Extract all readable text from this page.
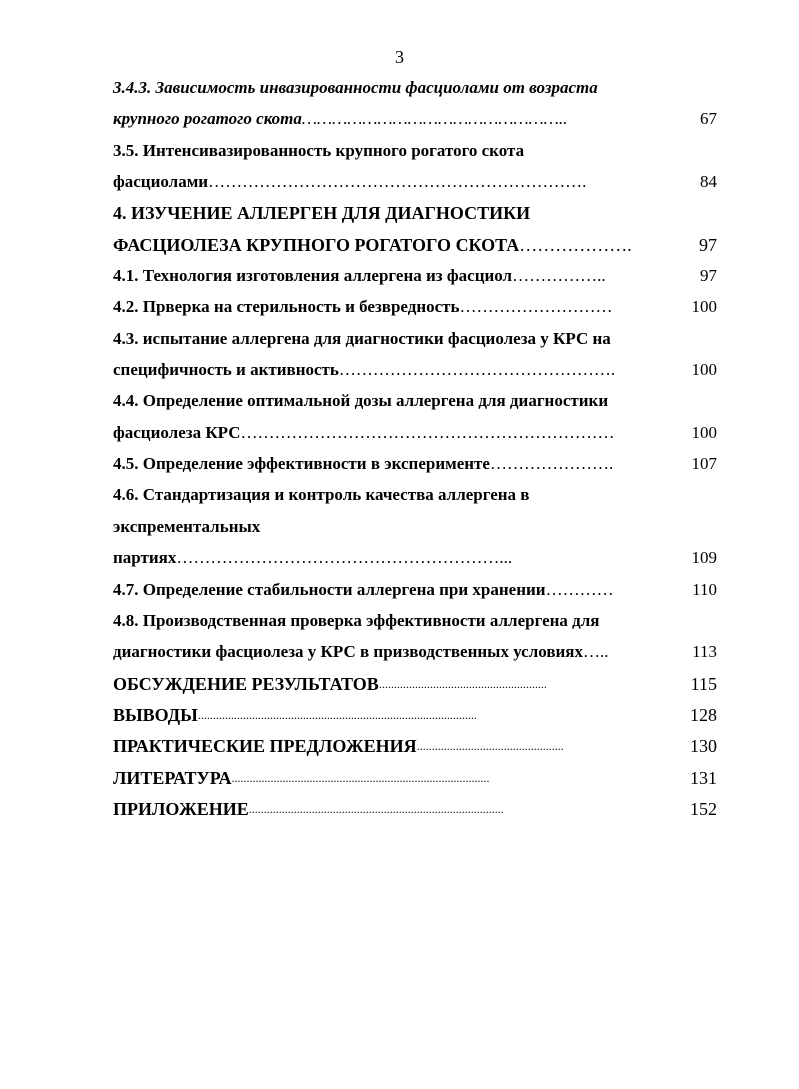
3
3.4.3. Зависимость инвазированности фасциолами от возраста
крупного рогатого скота……………………………………………..	67
3.5. Интенсивазированность крупного рогатого скота
фасциолами………………………………………………………….	84
4. ИЗУЧЕНИЕ АЛЛЕРГЕН ДЛЯ ДИАГНОСТИКИ
ФАСЦИОЛЕЗА КРУПНОГО РОГАТОГО СКОТА……………….	97
4.1. Технология изготовления аллергена из фасциол……………..	97
4.2. Прверка на стерильность и безвредность………………………	100
4.3. испытание аллергена для диагностики фасциолеза у КРС на
специфичность и активность………………………………………….	100
4.4. Определение оптимальной дозы аллергена для диагностики
фасциолеза КРС…………………………………………………………	100
4.5. Определение эффективности в эксперименте………………….	107
4.6. Стандартизация и контроль качества аллергена в
экспрементальных
партиях…………………………………………………...	109
4.7. Определение стабильности аллергена при хранении…………	110
4.8. Производственная проверка эффективности аллергена для
диагностики фасциолеза у КРС в призводственных условиях…..	113
ОБСУЖДЕНИЕ РЕЗУЛЬТАТОВ........................................................	115
ВЫВОДЫ.............................................................................................	128
ПРАКТИЧЕСКИЕ ПРЕДЛОЖЕНИЯ.................................................	130
ЛИТЕРАТУРА......................................................................................	131
ПРИЛОЖЕНИЕ.....................................................................................	152
